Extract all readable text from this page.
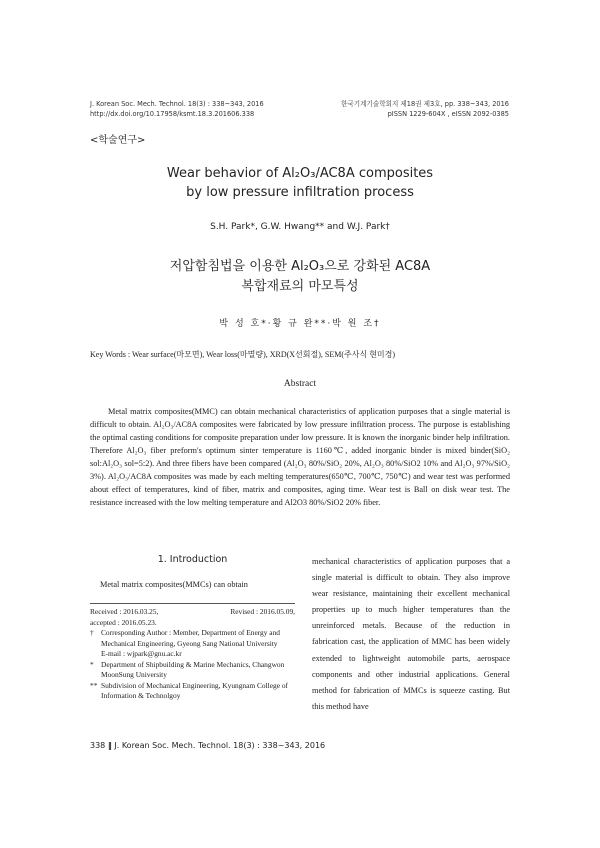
J. Korean Soc. Mech. Technol. 18(3) : 338~343, 2016
http://dx.doi.org/10.17958/ksmt.18.3.201606.338
한국기계기술학회지 제18권 제3호, pp. 338~343, 2016
pISSN 1229-604X , eISSN 2092-0385
<학술연구>
Wear behavior of Al₂O₃/AC8A composites
by low pressure infiltration process
S.H. Park*, G.W. Hwang** and W.J. Park†
저압함침법을 이용한 Al₂O₃으로 강화된 AC8A
복합재료의 마모특성
박 성 호*·황 규 완**·박 원 조†
Key Words : Wear surface(마모면), Wear loss(마멸량), XRD(X선회절), SEM(주사식 현미경)
Abstract
Metal matrix composites(MMC) can obtain mechanical characteristics of application purposes that a single material is difficult to obtain. Al₂O₃/AC8A composites were fabricated by low pressure infiltration process. The purpose is establishing the optimal casting conditions for composite preparation under low pressure. It is known the inorganic binder help infiltration. Therefore Al₂O₃ fiber preform's optimum sinter temperature is 1160℃, added inorganic binder is mixed binder(SiO₂ sol:Al₂O₃ sol=5:2). And three fibers have been compared (Al₂O₃ 80%/SiO₂ 20%, Al₂O₃ 80%/SiO2 10% and Al₂O₃ 97%/SiO₂ 3%). Al₂O₃/AC8A composites was made by each melting temperatures(650℃, 700℃, 750℃) and wear test was performed about effect of temperatures, kind of fiber, matrix and composites, aging time. Wear test is Ball on disk wear test. The resistance increased with the low melting temperature and Al2O3 80%/SiO2 20% fiber.
1. Introduction
Metal matrix composites(MMCs) can obtain
Received : 2016.03.25,	Revised : 2016.05.09,
accepted : 2016.05.23.
† Corresponding Author : Member, Department of Energy and Mechanical Engineering, Gyeong Sang National University
E-mail : wjpark@gnu.ac.kr
* Department of Shipbuilding & Marine Mechanics, Changwon MoonSung University
** Subdivision of Mechanical Engineering, Kyungnam College of Information & Technolgoy
mechanical characteristics of application purposes that a single material is difficult to obtain. They also improve wear resistance, maintaining their excellent mechanical properties up to much higher temperatures than the unreinforced metals. Because of the reduction in fabrication cast, the application of MMC has been widely extended to lightweight automobile parts, aerospace components and other industrial applications. General method for fabrication of MMCs is squeeze casting. But this method have
338 ‖ J. Korean Soc. Mech. Technol. 18(3) : 338~343, 2016
